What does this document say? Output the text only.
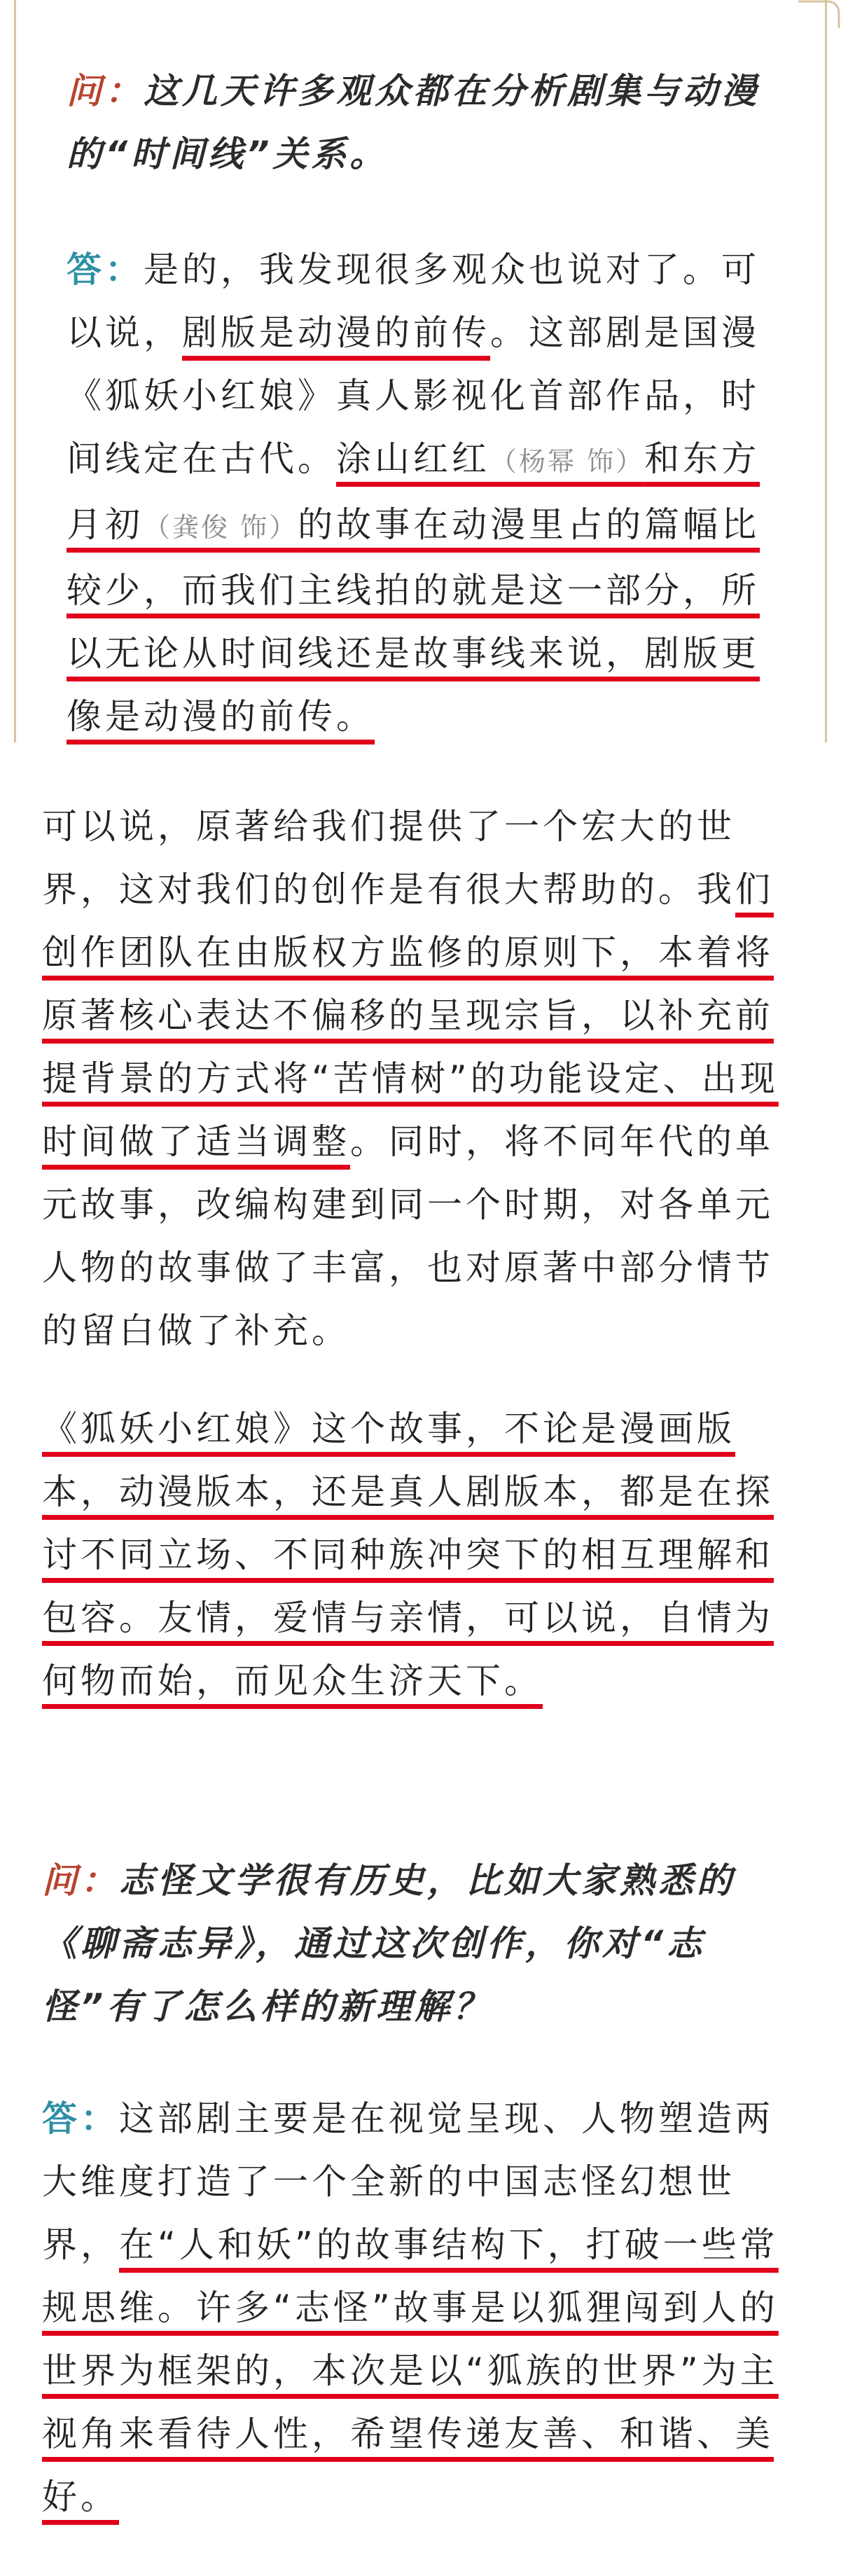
问：这几天许多观众都在分析剧集与动漫的“时间线”关系。

答：是的，我发现很多观众也说对了。可以说，剧版是动漫的前传。这部剧是国漫《狐妖小红娘》真人影视化首部作品，时间线定在古代。涂山红红（杨幂 饰）和东方月初（龚俊 饰）的故事在动漫里占的篇幅比较少，而我们主线拍的就是这一部分，所以无论从时间线还是故事线来说，剧版更像是动漫的前传。

可以说，原著给我们提供了一个宏大的世界，这对我们的创作是有很大帮助的。我们创作团队在由版权方监修的原则下，本着将原著核心表达不偏移的呈现宗旨，以补充前提背景的方式将“苦情树”的功能设定、出现时间做了适当调整。同时，将不同年代的单元故事，改编构建到同一个时期，对各单元人物的故事做了丰富，也对原著中部分情节的留白做了补充。

《狐妖小红娘》这个故事，不论是漫画版本，动漫版本，还是真人剧版本，都是在探讨不同立场、不同种族冲突下的相互理解和包容。友情，爱情与亲情，可以说，自情为何物而始，而见众生济天下。

问：志怪文学很有历史，比如大家熟悉的《聊斋志异》，通过这次创作，你对“志怪”有了怎么样的新理解？

答：这部剧主要是在视觉呈现、人物塑造两大维度打造了一个全新的中国志怪幻想世界，在“人和妖”的故事结构下，打破一些常规思维。许多“志怪”故事是以狐狸闯到人的世界为框架的，本次是以“狐族的世界”为主视角来看待人性，希望传递友善、和谐、美好。
